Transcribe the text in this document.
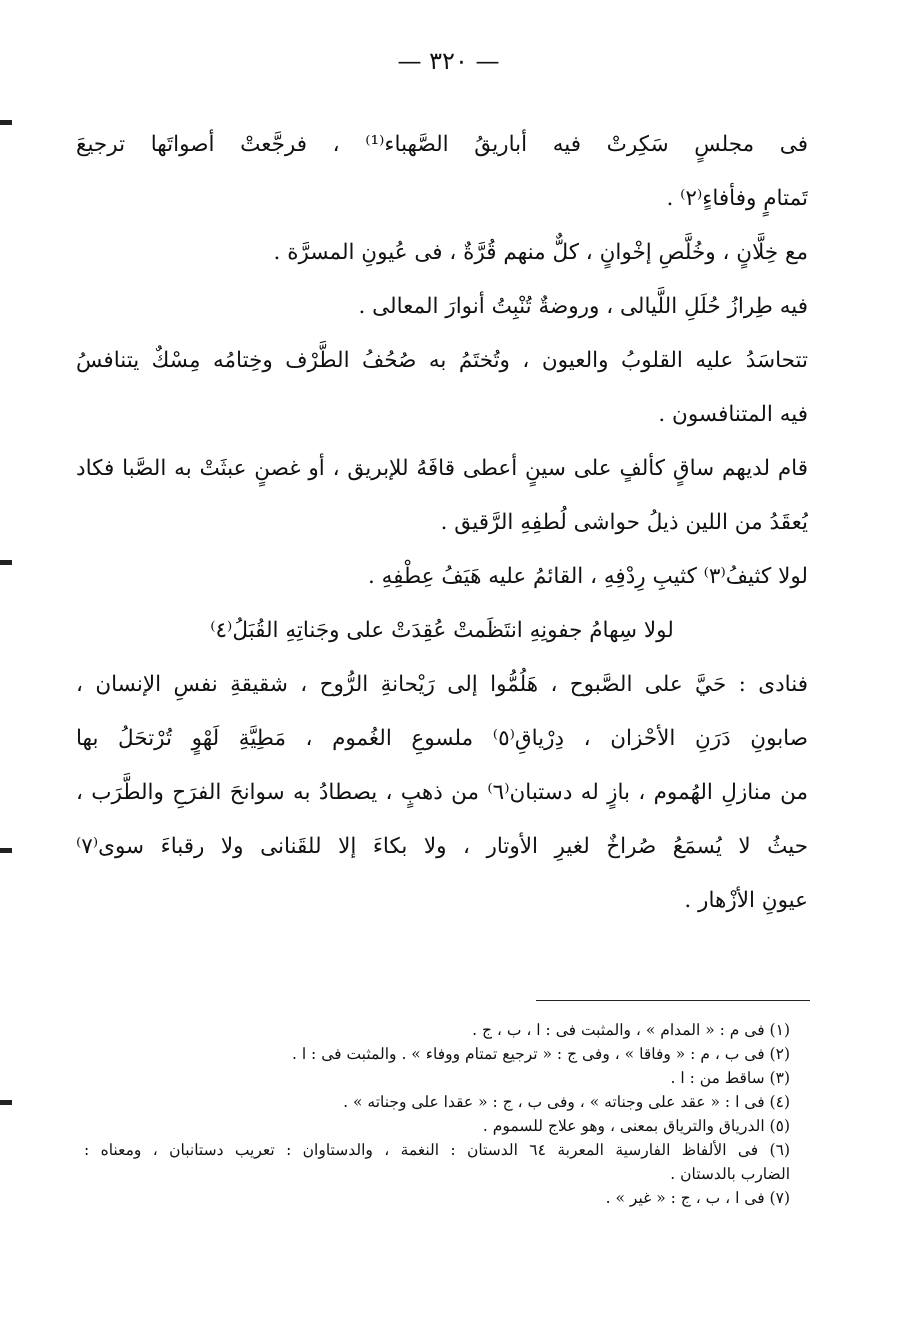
— ٣٢٠ —
فى مجلسٍ سَكِرتْ فيه أباريقُ الصَّهباء⁽¹⁾ ، فرجَّعتْ أصواتَها ترجيعَ
تَمتامٍ وفأفاءٍ⁽٢⁾ .
مع خِلَّانٍ ، وخُلَّصِ إخْوانٍ ، كلٌّ منهم قُرَّةٌ ، فى عُيونِ المسرَّة .
فيه طِرازُ حُلَلِ اللَّيالى ، وروضةٌ تُنْبِتُ أنوارَ المعالى .
تتحاسَدُ عليه القلوبُ والعيون ، وتُختَمُ به صُحُفُ الطَّرْف وخِتامُه مِسْكٌ يتنافسُ
فيه المتنافسون .
قام لديهم ساقٍ كألفٍ على سينٍ أعطى قافَهُ للإبريق ، أو غصنٍ عبثَتْ به الصَّبا فكاد
يُعقَدُ من اللين ذيلُ حواشى لُطفِهِ الرَّقيق .
لولا كثيفُ⁽٣⁾ كثيبِ رِدْفِهِ ، القائمُ عليه هَيَفُ عِطْفِهِ .
لولا سِهامُ جفونِهِ انتَظَمتْ عُقِدَتْ على وجَناتِهِ القُبَلُ⁽٤⁾
فنادى : حَيَّ على الصَّبوح ، هَلُمُّوا إلى رَيْحانةِ الرُّوح ، شقيقةِ نفسِ الإنسان ،
صابونِ دَرَنِ الأحْزان ، دِرْياقِ⁽٥⁾ ملسوعِ الغُموم ، مَطِيَّةِ لَهْوٍ تُرْتحَلُ بها
من منازلِ الهُموم ، بازٍ له دستبان⁽٦⁾ من ذهبٍ ، يصطادُ به سوانحَ الفرَحِ والطَّرَب ،
حيثُ لا يُسمَعُ صُراخٌ لغيرِ الأوتار ، ولا بكاءَ إلا للقَنانى ولا رقباءَ سوى⁽٧⁾
عيونِ الأزْهار .
(١) فى م : « المدام » ، والمثبت فى : ا ، ب ، ج .
(٢) فى ب ، م : « وفاقا » ، وفى ج : « ترجيع تمتام ووفاء » . والمثبت فى : ا .
(٣) ساقط من : ا .
(٤) فى ا : « عقد على وجناته » ، وفى ب ، ج : « عقدا على وجناته » .
(٥) الدرياق والترياق بمعنى ، وهو علاج للسموم .
(٦) فى الألفاظ الفارسية المعربة ٦٤ الدستان : النغمة ، والدستاوان : تعريب دستانبان ، ومعناه :
الضارب بالدستان .
(٧) فى ا ، ب ، ج : « غير » .
